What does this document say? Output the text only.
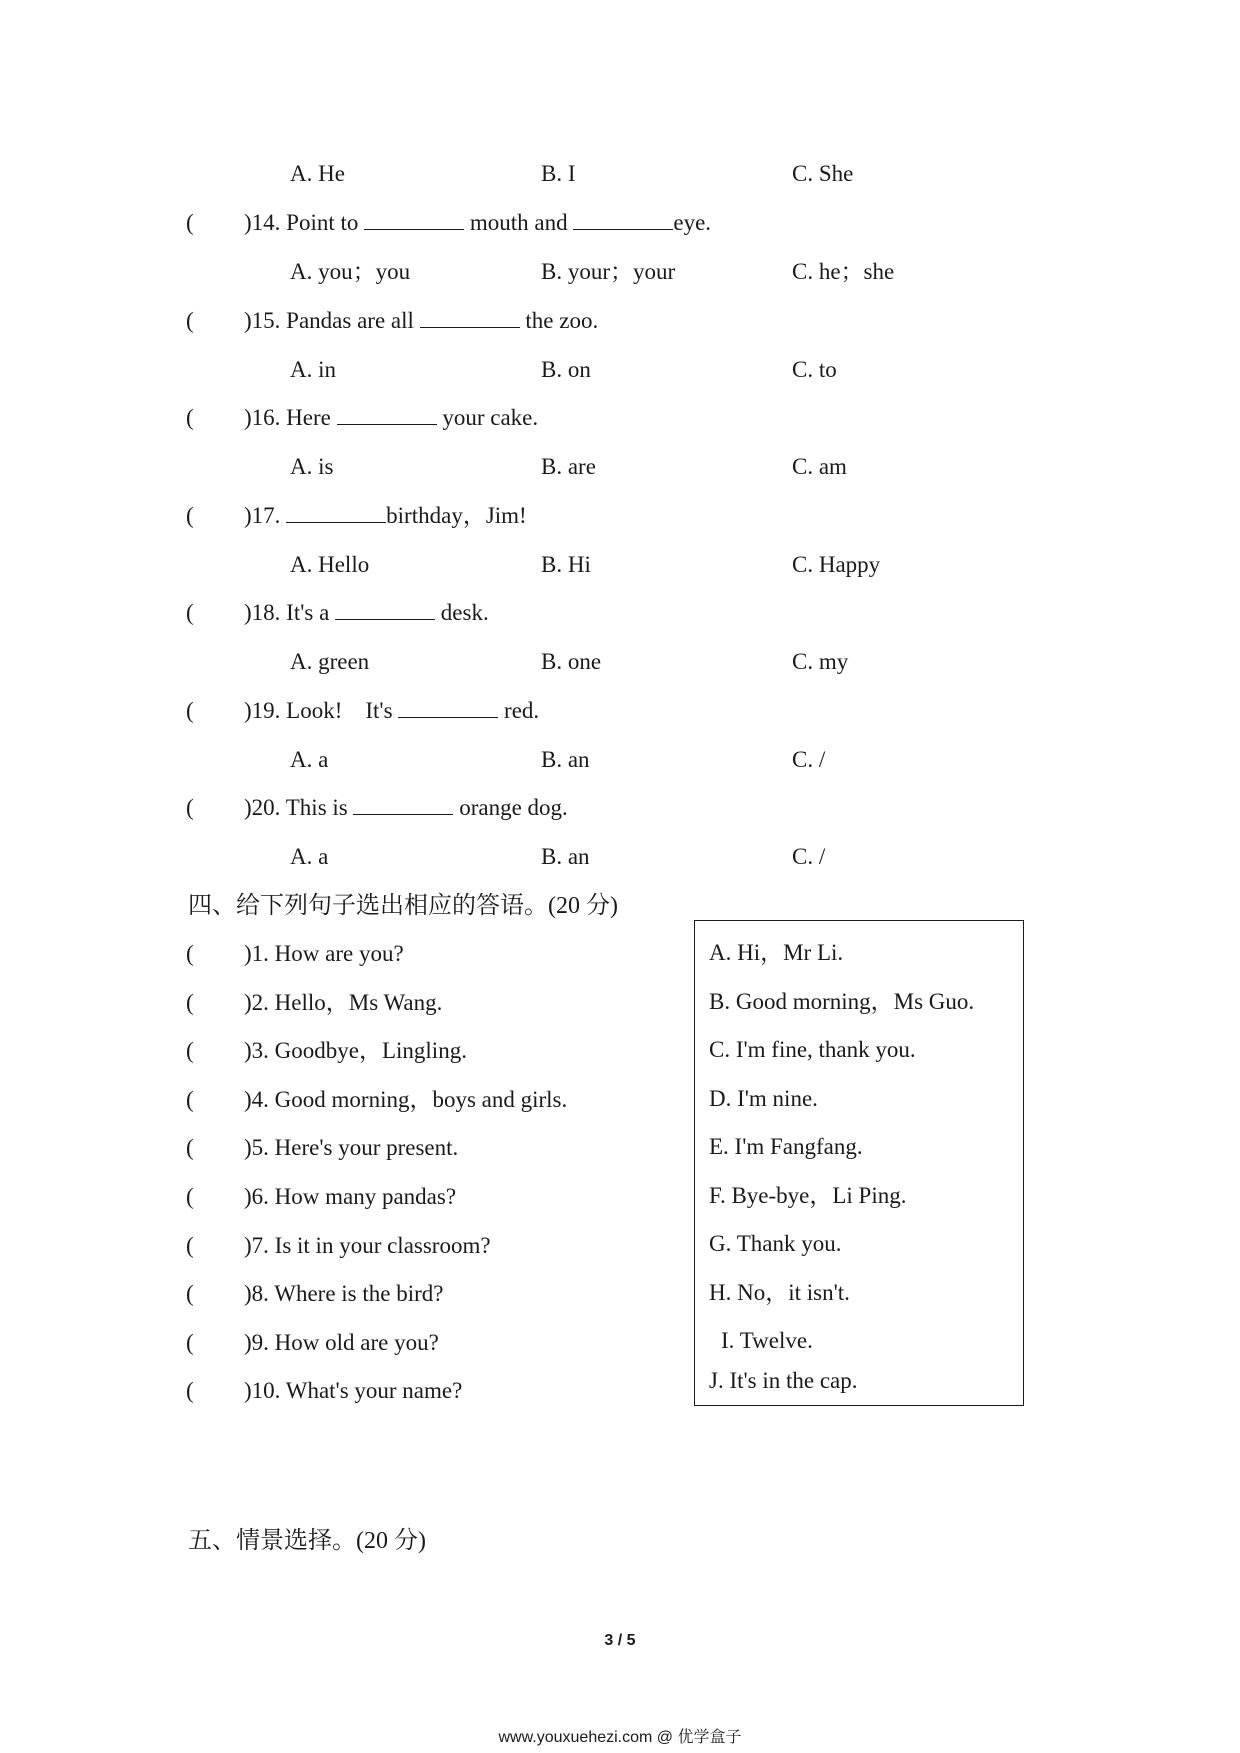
A. He	B. I	C. She
( )14. Point to	mouth and	eye.
A. you；you	B. your；your	C. he；she
( )15. Pandas are all	the zoo.
A. in	B. on	C. to
( )16. Here	your cake.
A. is	B. are	C. am
( )17.	birthday，Jim!
A. Hello	B. Hi	C. Happy
( )18. It's a	desk.
A. green	B. one	C. my
( )19. Look!    It's	red.
A. a	B. an	C. /
( )20. This is	orange dog.
A. a	B. an	C. /
( )1. How are you?
( )2. Hello，Ms Wang.
( )3. Goodbye，Lingling.
( )4. Good morning，boys and girls.
( )5. Here's your present.
( )6. How many pandas?
( )7. Is it in your classroom?
( )8. Where is the bird?
( )9. How old are you?
( )10. What's your name?
四、给下列句子选出相应的答语。(20 分)
A. Hi，Mr Li.
B. Good morning，Ms Guo.
C. I'm fine, thank you.
D. I'm nine.
E. I'm Fangfang.
F. Bye-bye，Li Ping.
G. Thank you.
H. No，it isn't.
I. Twelve.
J. It's in the cap.
五、情景选择。(20 分)
3 / 5
www.youxuehezi.com @ 优学盒子
